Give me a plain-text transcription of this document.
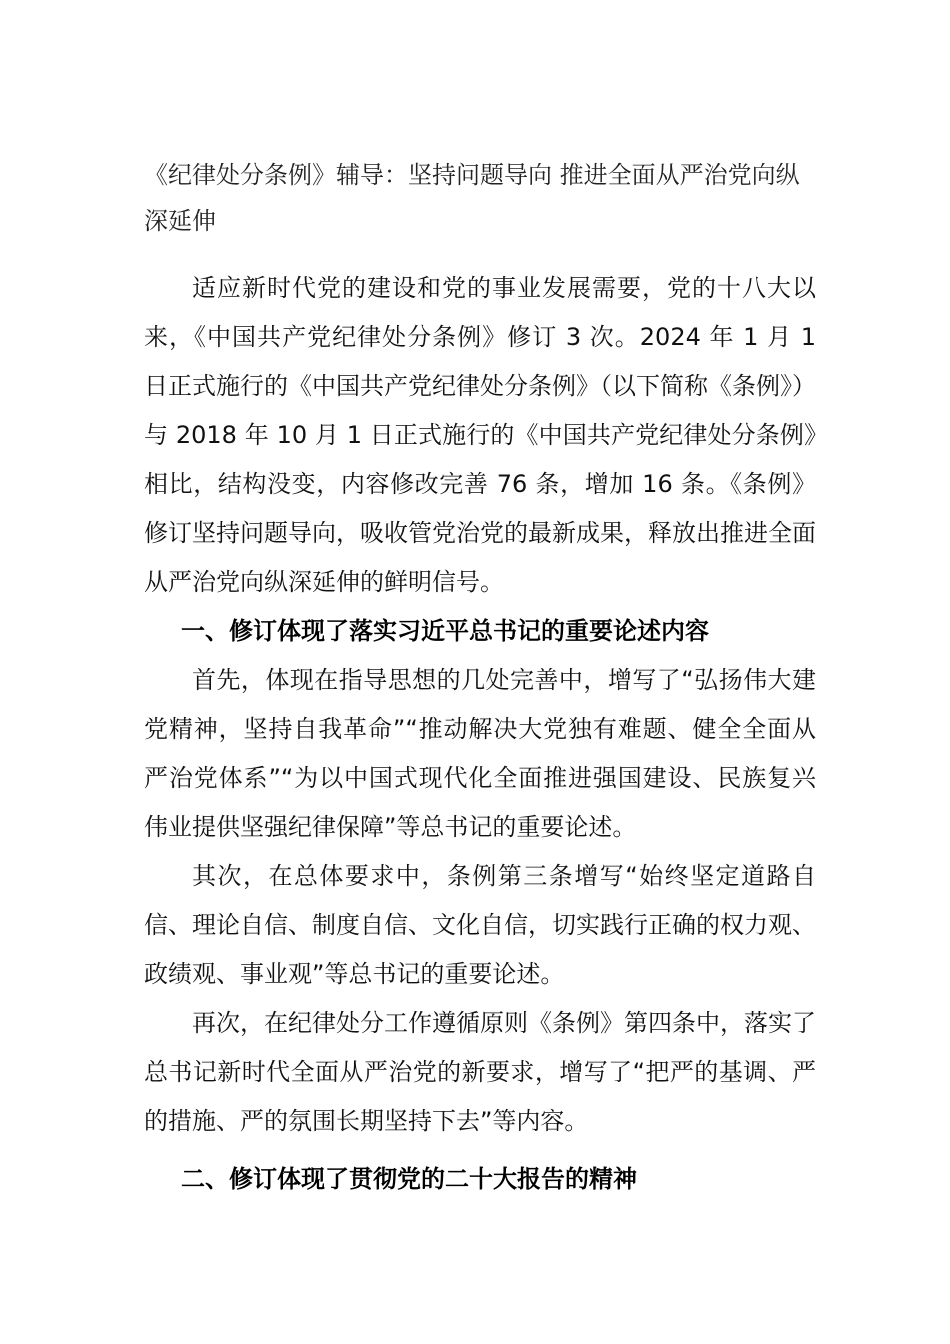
《纪律处分条例》辅导：坚持问题导向 推进全面从严治党向纵深延伸

适应新时代党的建设和党的事业发展需要，党的十八大以来，《中国共产党纪律处分条例》修订 3 次。2024 年 1 月 1 日正式施行的《中国共产党纪律处分条例》（以下简称《条例》）与 2018 年 10 月 1 日正式施行的《中国共产党纪律处分条例》相比，结构没变，内容修改完善 76 条，增加 16 条。《条例》修订坚持问题导向，吸收管党治党的最新成果，释放出推进全面从严治党向纵深延伸的鲜明信号。

一、修订体现了落实习近平总书记的重要论述内容

首先，体现在指导思想的几处完善中，增写了“弘扬伟大建党精神，坚持自我革命”“推动解决大党独有难题、健全全面从严治党体系”“为以中国式现代化全面推进强国建设、民族复兴伟业提供坚强纪律保障”等总书记的重要论述。

其次，在总体要求中，条例第三条增写“始终坚定道路自信、理论自信、制度自信、文化自信，切实践行正确的权力观、政绩观、事业观”等总书记的重要论述。

再次，在纪律处分工作遵循原则《条例》第四条中，落实了总书记新时代全面从严治党的新要求，增写了“把严的基调、严的措施、严的氛围长期坚持下去”等内容。

二、修订体现了贯彻党的二十大报告的精神
